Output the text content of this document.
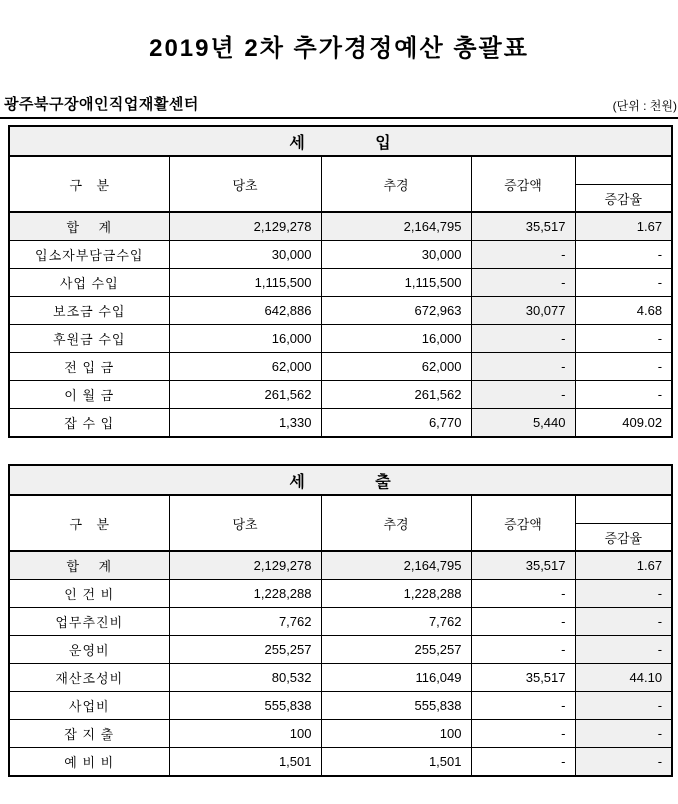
2019년 2차 추가경정예산 총괄표
광주북구장애인직업재활센터	(단위 : 천원)
세 입				
구    분	당초	추경	증감액	
				증감율
합    계	2,129,278	2,164,795	35,517	1.67
입소자부담금수입	30,000	30,000	-	-
사업 수입	1,115,500	1,115,500	-	-
보조금 수입	642,886	672,963	30,077	4.68
후원금 수입	16,000	16,000	-	-
전 입 금	62,000	62,000	-	-
이 월 금	261,562	261,562	-	-
잡 수 입	1,330	6,770	5,440	409.02
세 출				
구    분	당초	추경	증감액	
				증감율
합    계	2,129,278	2,164,795	35,517	1.67
인 건 비	1,228,288	1,228,288	-	-
업무추진비	7,762	7,762	-	-
운영비	255,257	255,257	-	-
재산조성비	80,532	116,049	35,517	44.10
사업비	555,838	555,838	-	-
잡 지 출	100	100	-	-
예 비 비	1,501	1,501	-	-
